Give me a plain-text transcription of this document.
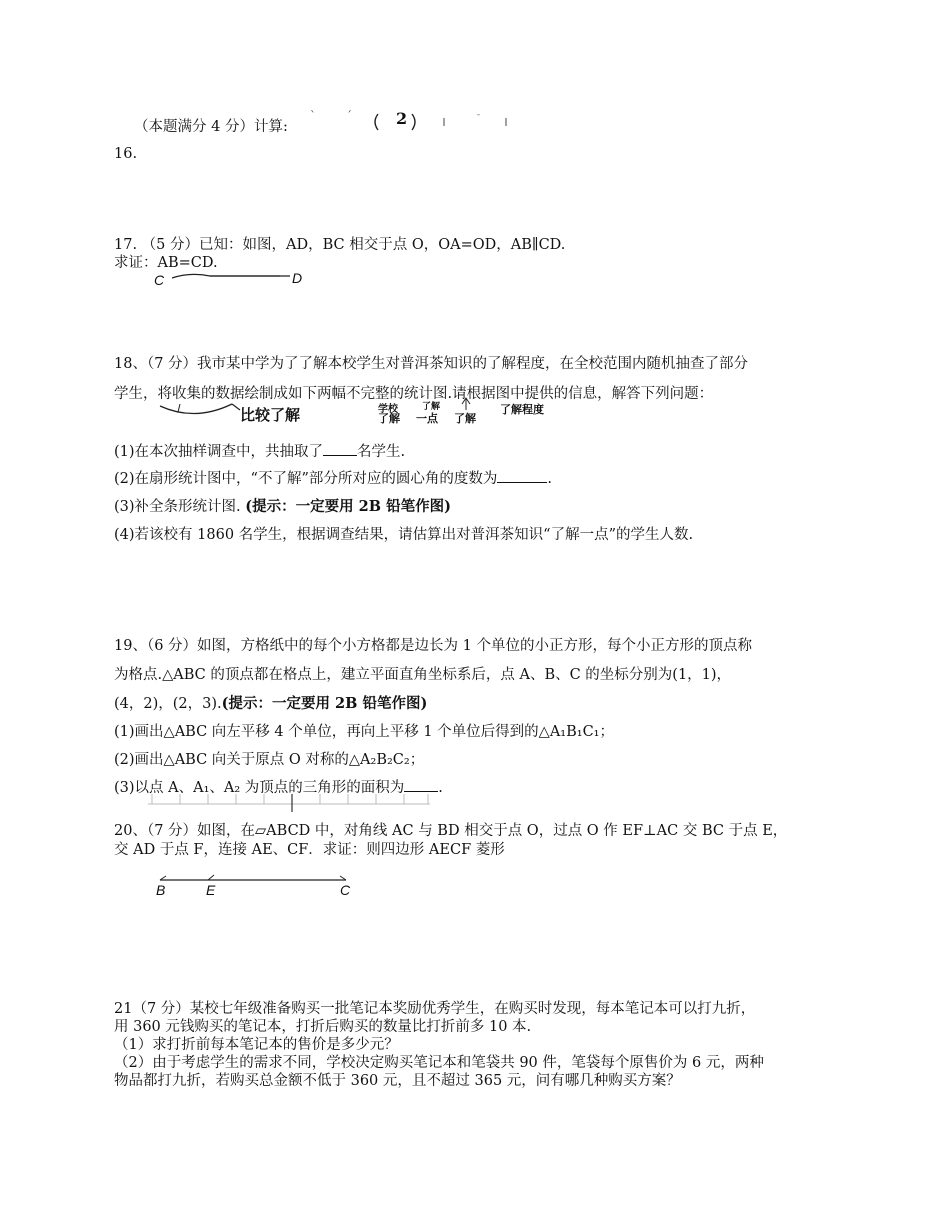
（本题满分 4 分）计算:
ˋ	ˊ	ˉ
2
16.
17. （5 分）已知：如图，AD，BC 相交于点 O，OA=OD，AB∥CD.
求证：AB=CD.
C	D
18、（7 分）我市某中学为了了解本校学生对普洱茶知识的了解程度，在全校范围内随机抽查了部分
学生，将收集的数据绘制成如下两幅不完整的统计图.请根据图中提供的信息，解答下列问题：
比较了解	学校
了解
了解
一点 了解
了解程度
(1)在本次抽样调查中，共抽取了 名学生.
(2)在扇形统计图中，“不了解”部分所对应的圆心角的度数为	.
(3)补全条形统计图. (提示：一定要用 2B 铅笔作图)
(4)若该校有 1860 名学生，根据调查结果，请估算出对普洱茶知识“了解一点”的学生人数.
19、（6 分）如图，方格纸中的每个小方格都是边长为 1 个单位的小正方形，每个小正方形的顶点称
为格点.△ABC 的顶点都在格点上，建立平面直角坐标系后，点 A、B、C 的坐标分别为(1，1)，
(4，2)，(2，3).(提示：一定要用 2B 铅笔作图)
(1)画出△ABC 向左平移 4 个单位，再向上平移 1 个单位后得到的△A₁B₁C₁；
(2)画出△ABC 向关于原点 O 对称的△A₂B₂C₂；
(3)以点 A、A₁、A₂ 为顶点的三角形的面积为 .
20、（7 分）如图，在▱ABCD 中，对角线 AC 与 BD 相交于点 O，过点 O 作 EF⊥AC 交 BC 于点 E，
交 AD 于点 F，连接 AE、CF．求证：则四边形 AECF 菱形
B	E	C
21（7 分）某校七年级准备购买一批笔记本奖励优秀学生，在购买时发现，每本笔记本可以打九折，
用 360 元钱购买的笔记本，打折后购买的数量比打折前多 10 本.
（1）求打折前每本笔记本的售价是多少元？
（2）由于考虑学生的需求不同，学校决定购买笔记本和笔袋共 90 件，笔袋每个原售价为 6 元，两种
物品都打九折，若购买总金额不低于 360 元，且不超过 365 元，问有哪几种购买方案？
